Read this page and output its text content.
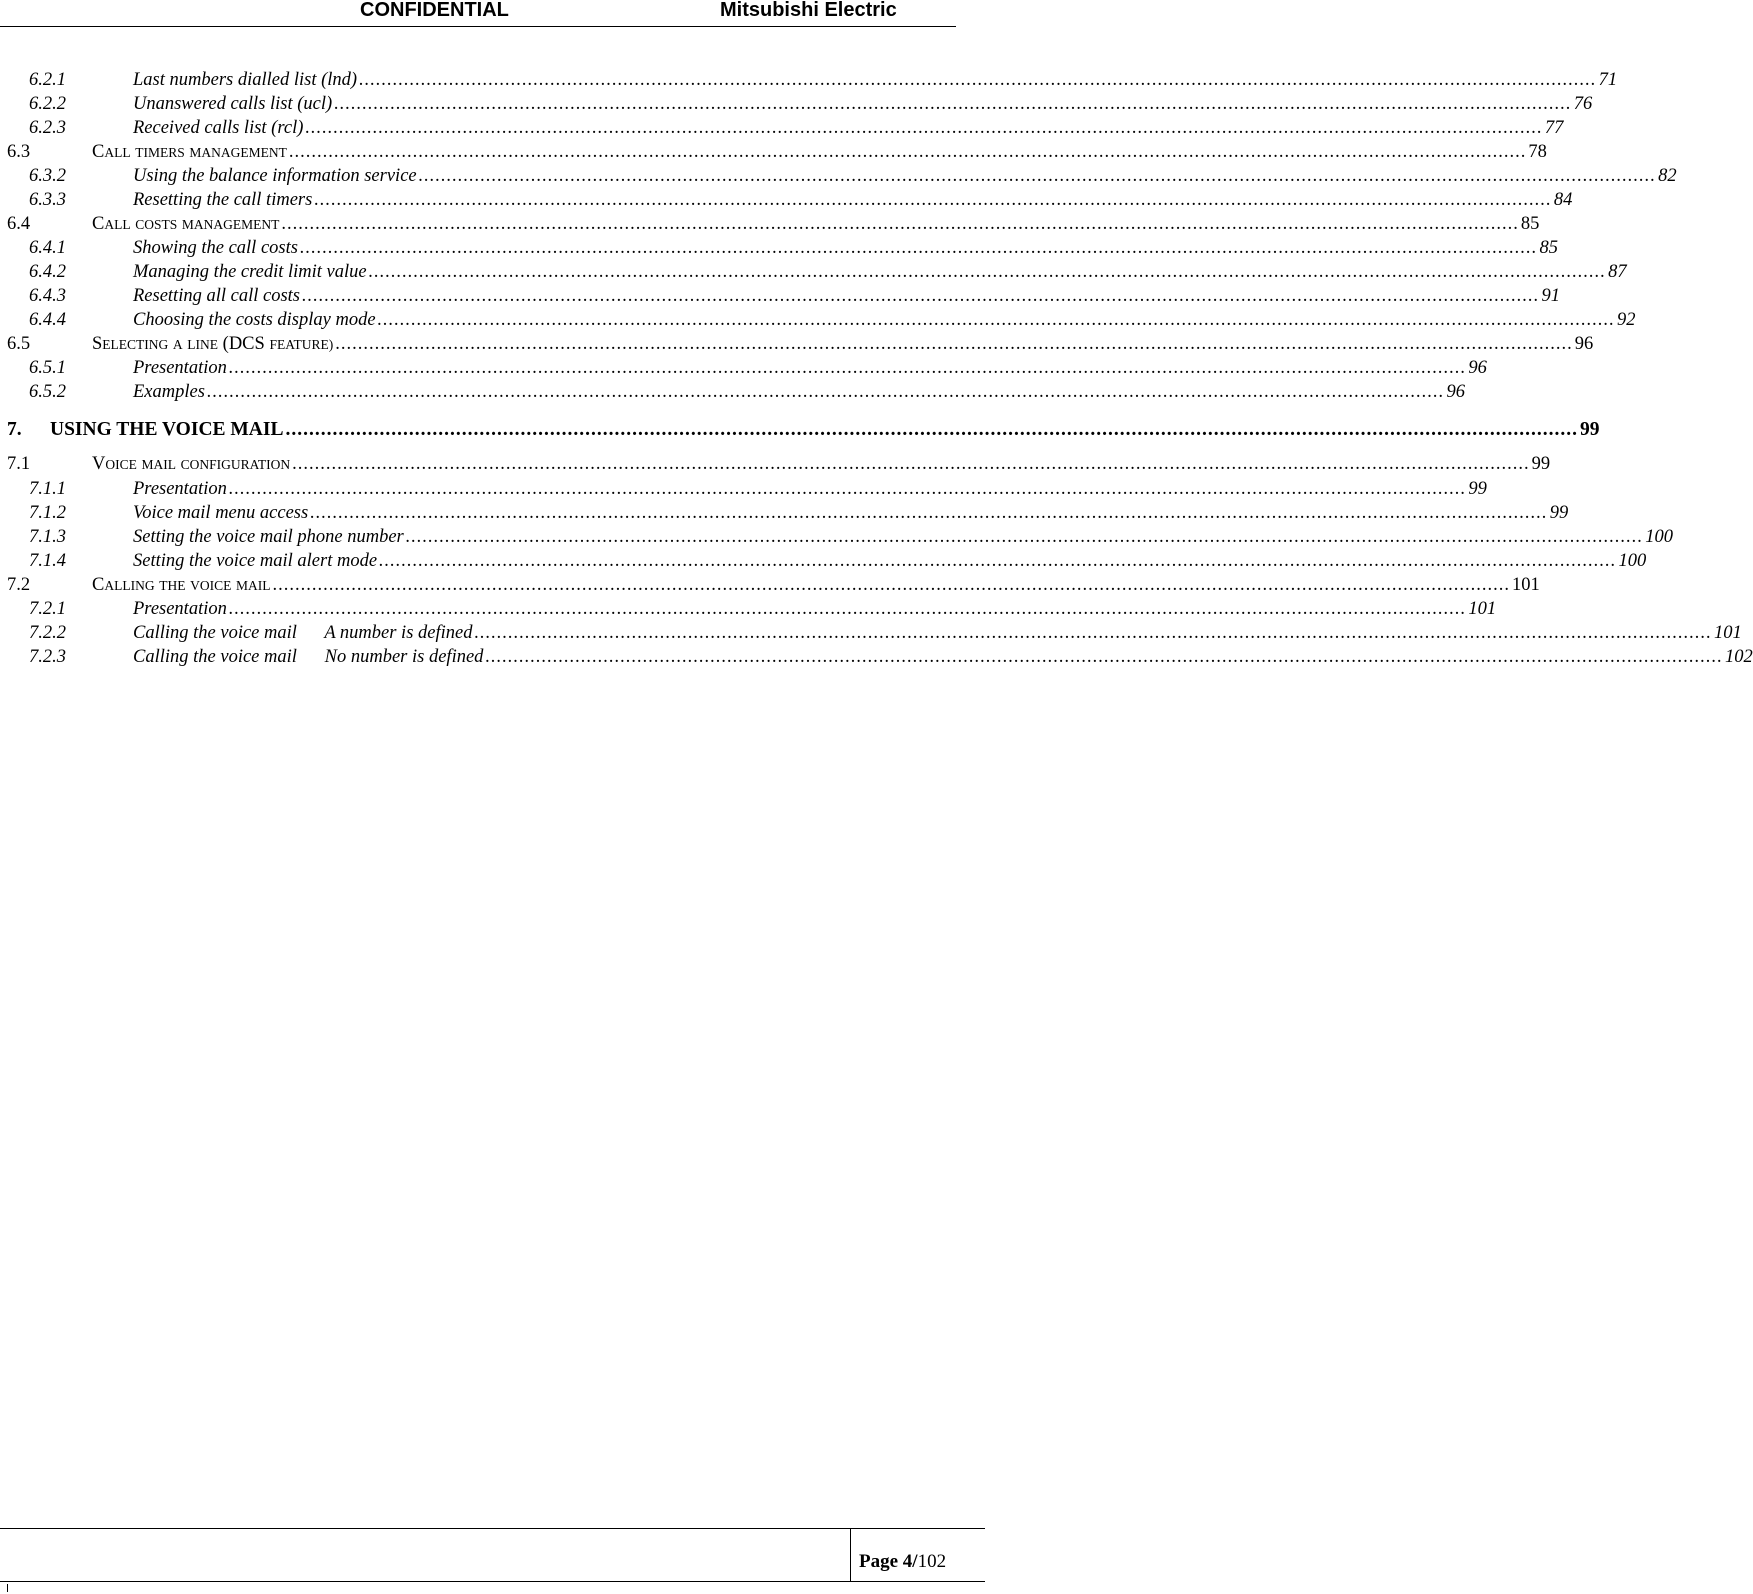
CONFIDENTIAL	Mitsubishi Electric
6.2.1	Last numbers dialled list (lnd) ............................................................................................................................................................................................................................ 71
6.2.2	Unanswered calls list (ucl) ............................................................................................................................................................................................................................ 76
6.2.3	Received calls list (rcl) ............................................................................................................................................................................................................................ 77
6.3	CALL TIMERS MANAGEMENT ............................................................................................................................................................................................................................ 78
6.3.2	Using the balance information service ............................................................................................................................................................................................................................ 82
6.3.3	Resetting the call timers ............................................................................................................................................................................................................................ 84
6.4	CALL COSTS MANAGEMENT ............................................................................................................................................................................................................................ 85
6.4.1	Showing the call costs ............................................................................................................................................................................................................................ 85
6.4.2	Managing the credit limit value ............................................................................................................................................................................................................................ 87
6.4.3	Resetting all call costs ............................................................................................................................................................................................................................ 91
6.4.4	Choosing the costs display mode ............................................................................................................................................................................................................................ 92
6.5	SELECTING A LINE (DCS FEATURE) ............................................................................................................................................................................................................................ 96
6.5.1	Presentation ............................................................................................................................................................................................................................ 96
6.5.2	Examples ............................................................................................................................................................................................................................ 96
7.	USING THE VOICE MAIL ............................................................................................................................................................................................................................ 99
7.1	VOICE MAIL CONFIGURATION ............................................................................................................................................................................................................................ 99
7.1.1	Presentation ............................................................................................................................................................................................................................ 99
7.1.2	Voice mail menu access ............................................................................................................................................................................................................................ 99
7.1.3	Setting the voice mail phone number ............................................................................................................................................................................................................................ 100
7.1.4	Setting the voice mail alert mode ............................................................................................................................................................................................................................ 100
7.2	CALLING THE VOICE MAIL ............................................................................................................................................................................................................................ 101
7.2.1	Presentation ............................................................................................................................................................................................................................ 101
7.2.2	Calling the voice mail      A number is defined ............................................................................................................................................................................................................................ 101
7.2.3	Calling the voice mail      No number is defined ............................................................................................................................................................................................................................ 102
Page 4/102
